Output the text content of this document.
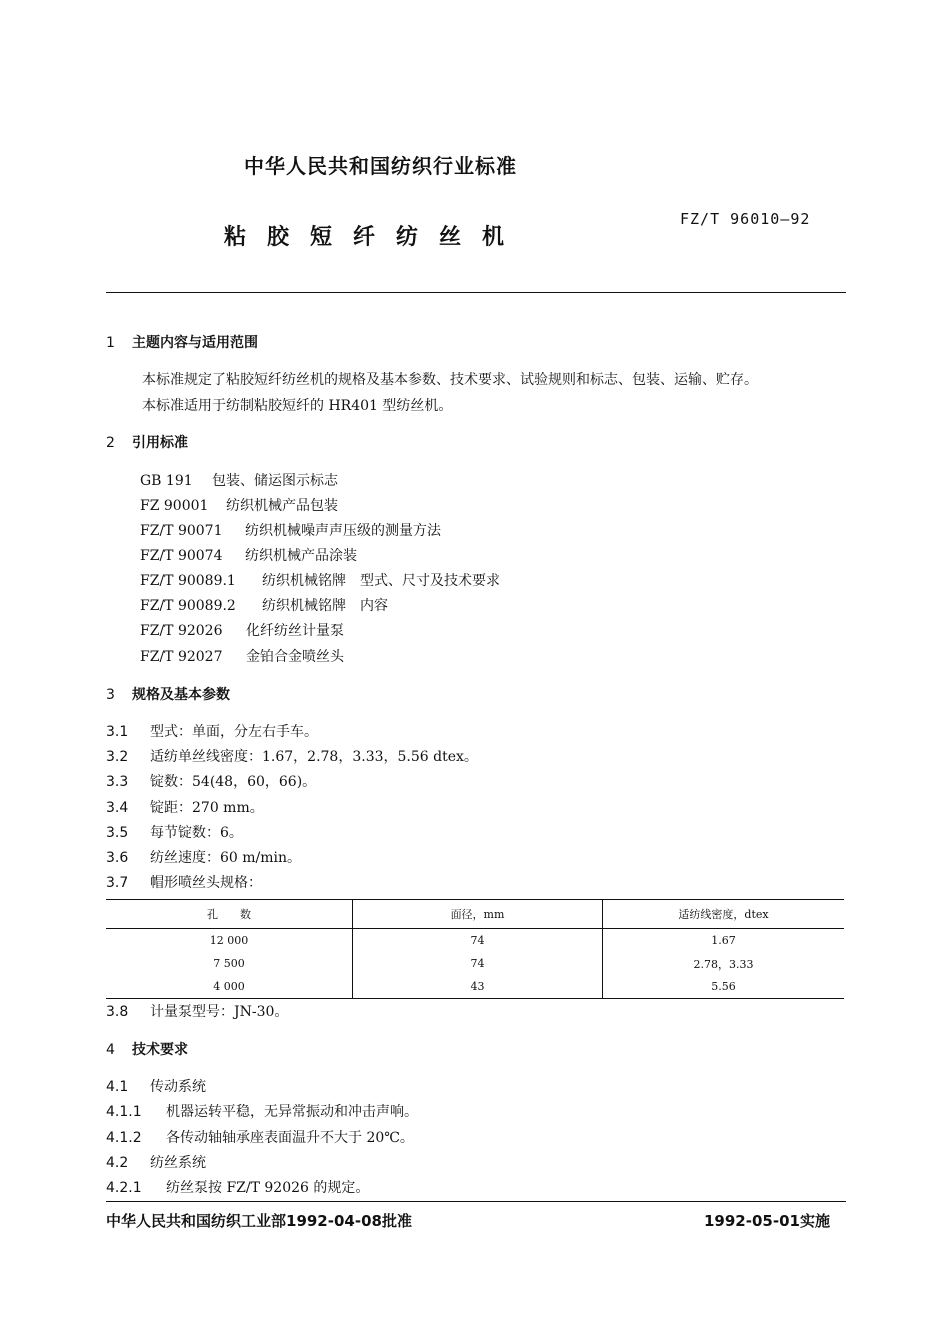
中华人民共和国纺织行业标准
粘胶短纤纺丝机
FZ/T 96010—92
1 主题内容与适用范围
本标准规定了粘胶短纤纺丝机的规格及基本参数、技术要求、试验规则和标志、包装、运输、贮存。
本标准适用于纺制粘胶短纤的 HR401 型纺丝机。
2 引用标准
GB 191 包装、储运图示标志
FZ 90001 纺织机械产品包装
FZ/T 90071 纺织机械噪声声压级的测量方法
FZ/T 90074 纺织机械产品涂装
FZ/T 90089.1 纺织机械铭牌　型式、尺寸及技术要求
FZ/T 90089.2 纺织机械铭牌　内容
FZ/T 92026 化纤纺丝计量泵
FZ/T 92027 金铂合金喷丝头
3 规格及基本参数
3.1 型式：单面，分左右手车。
3.2 适纺单丝线密度：1.67，2.78，3.33，5.56 dtex。
3.3 锭数：54(48，60，66)。
3.4 锭距：270 mm。
3.5 每节锭数：6。
3.6 纺丝速度：60 m/min。
3.7 帽形喷丝头规格：
孔　　数	面径，mm	适纺线密度，dtex
12 000	74	1.67
7 500	74	2.78，3.33
4 000	43	5.56
3.8 计量泵型号：JN-30。
4 技术要求
4.1 传动系统
4.1.1 机器运转平稳，无异常振动和冲击声响。
4.1.2 各传动轴轴承座表面温升不大于 20℃。
4.2 纺丝系统
4.2.1 纺丝泵按 FZ/T 92026 的规定。
中华人民共和国纺织工业部1992-04-08批准	1992-05-01实施
